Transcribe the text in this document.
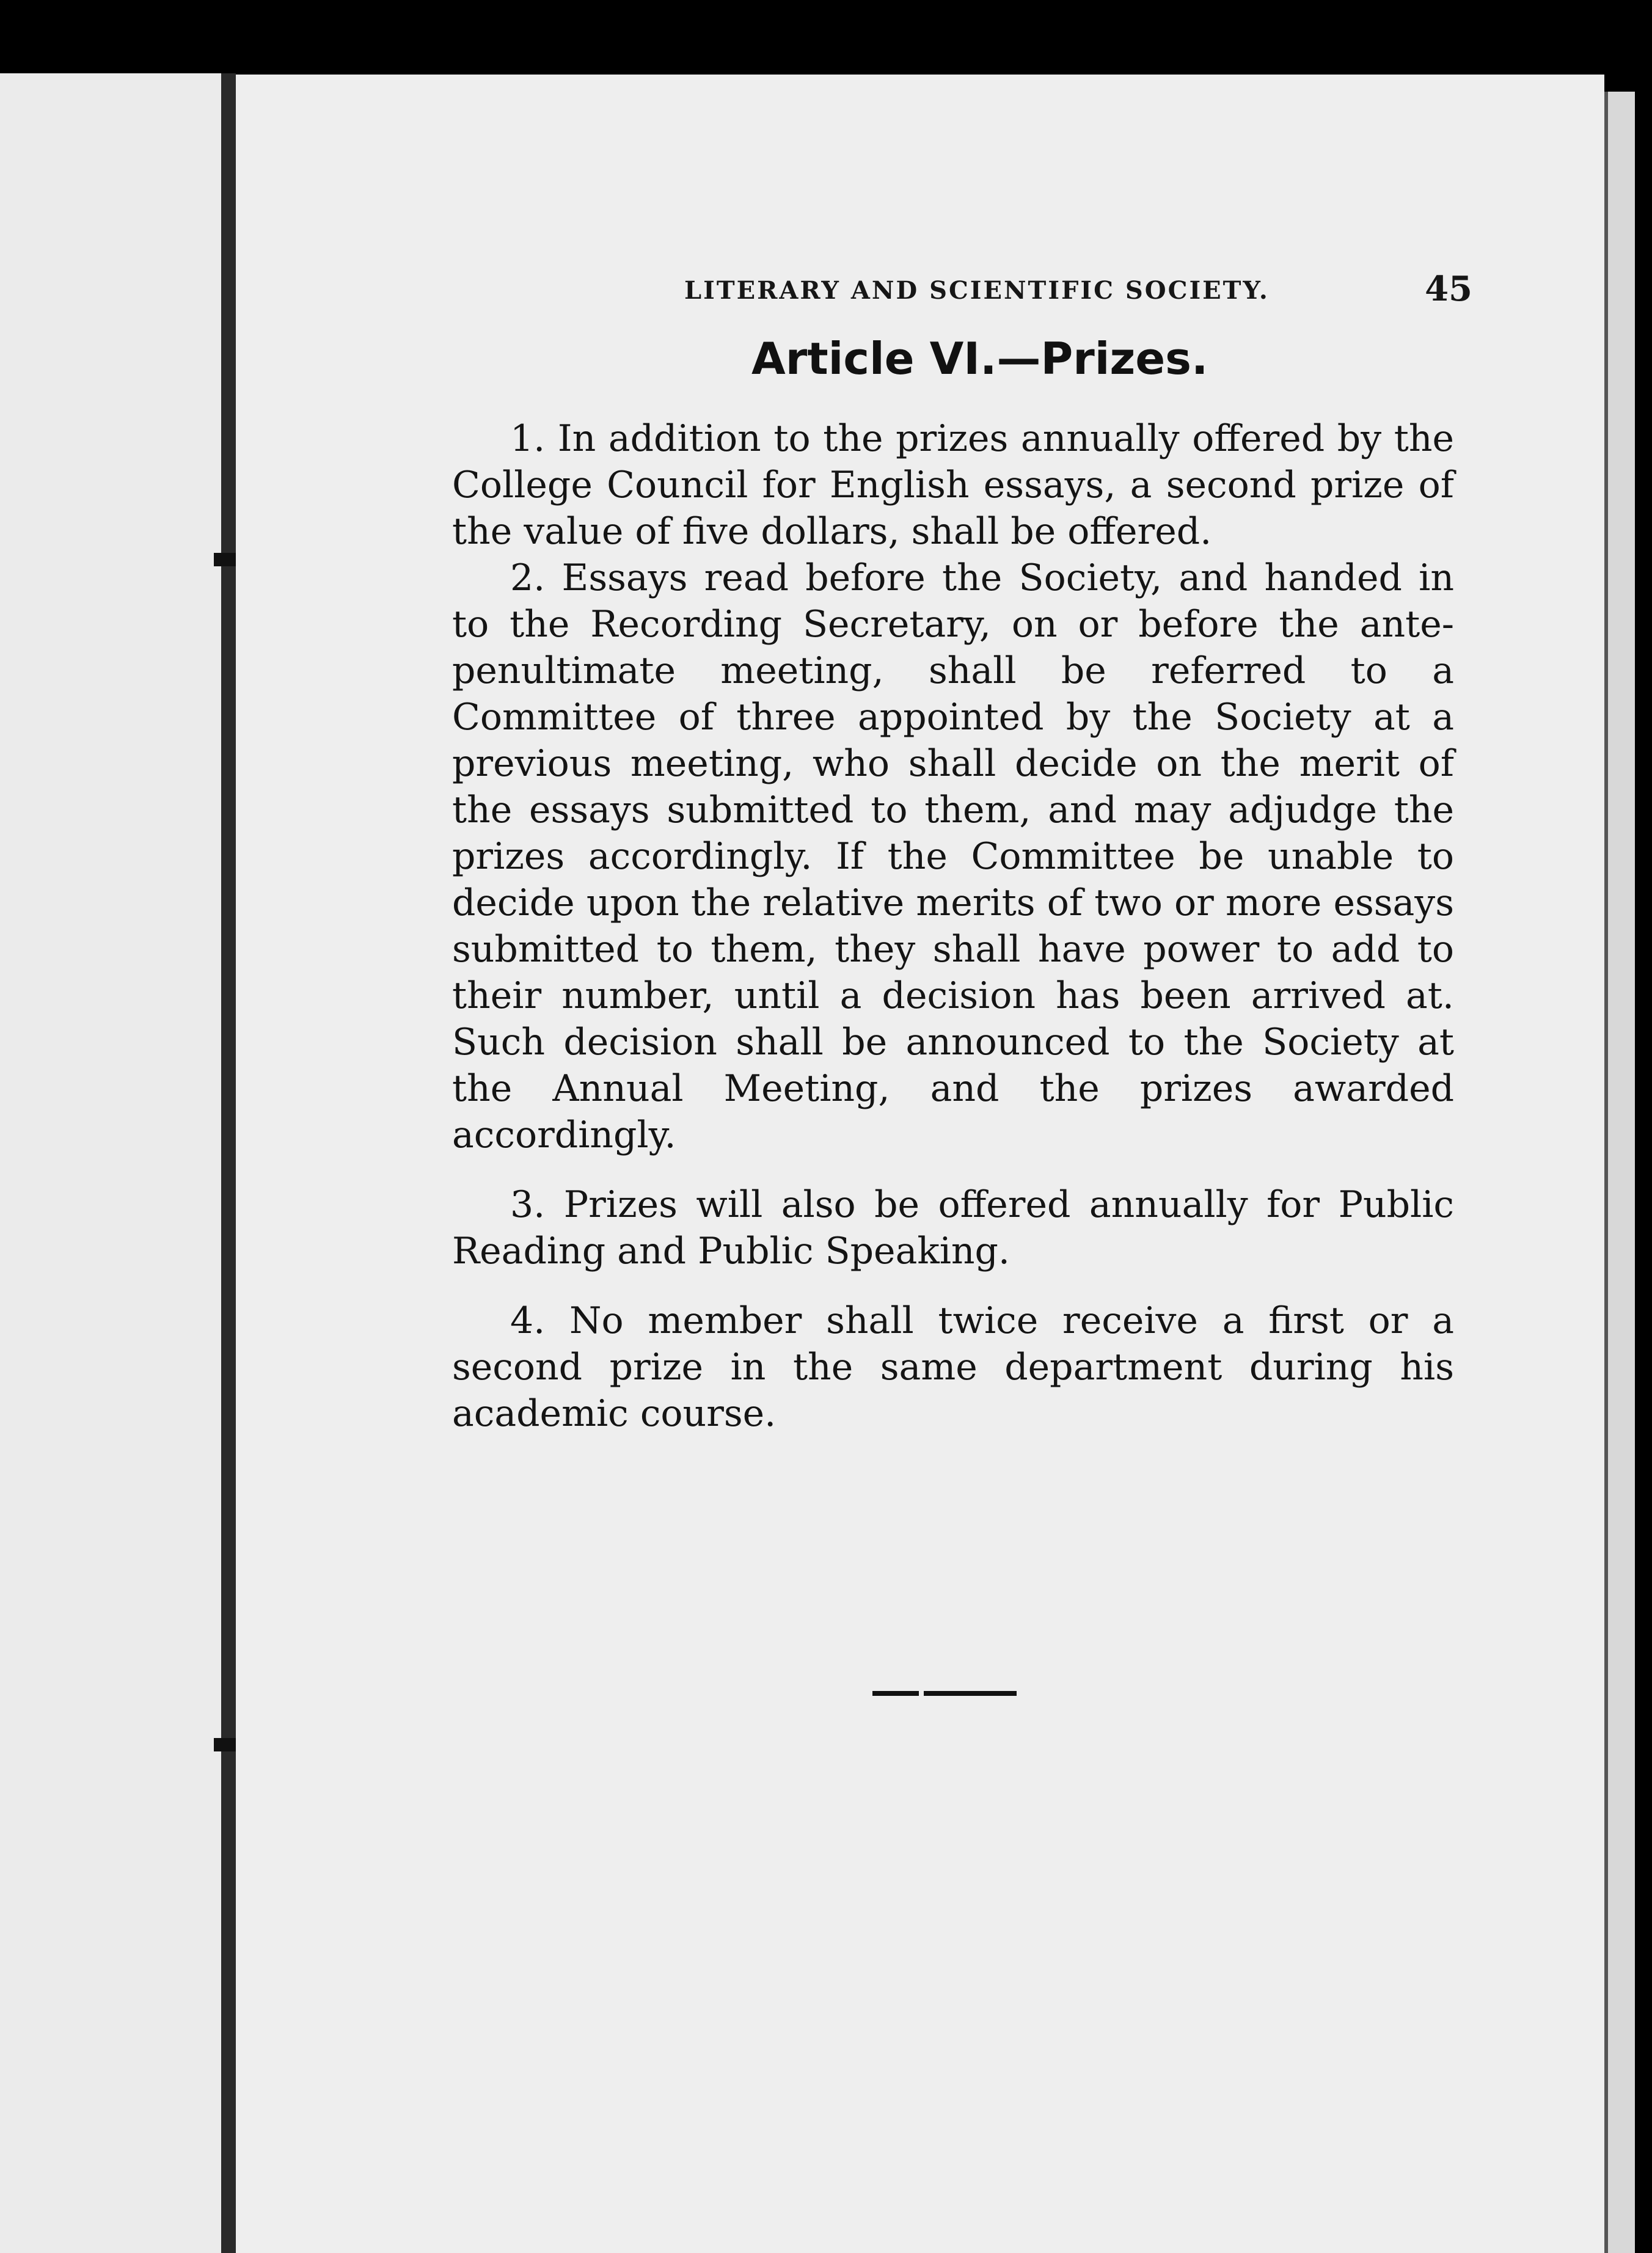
LITERARY AND SCIENTIFIC SOCIETY.	45
Article VI.—Prizes.

1. In addition to the prizes annually offered by the College Council for English essays, a second prize of the value of five dollars, shall be offered.

2. Essays read before the Society, and handed in to the Recording Secretary, on or before the ante-penultimate meeting, shall be referred to a Committee of three appointed by the Society at a previous meeting, who shall decide on the merit of the essays submitted to them, and may adjudge the prizes accordingly. If the Committee be unable to decide upon the relative merits of two or more essays submitted to them, they shall have power to add to their number, until a decision has been arrived at. Such decision shall be announced to the Society at the Annual Meeting, and the prizes awarded accordingly.

3. Prizes will also be offered annually for Public Reading and Public Speaking.

4. No member shall twice receive a first or a second prize in the same department during his academic course.
